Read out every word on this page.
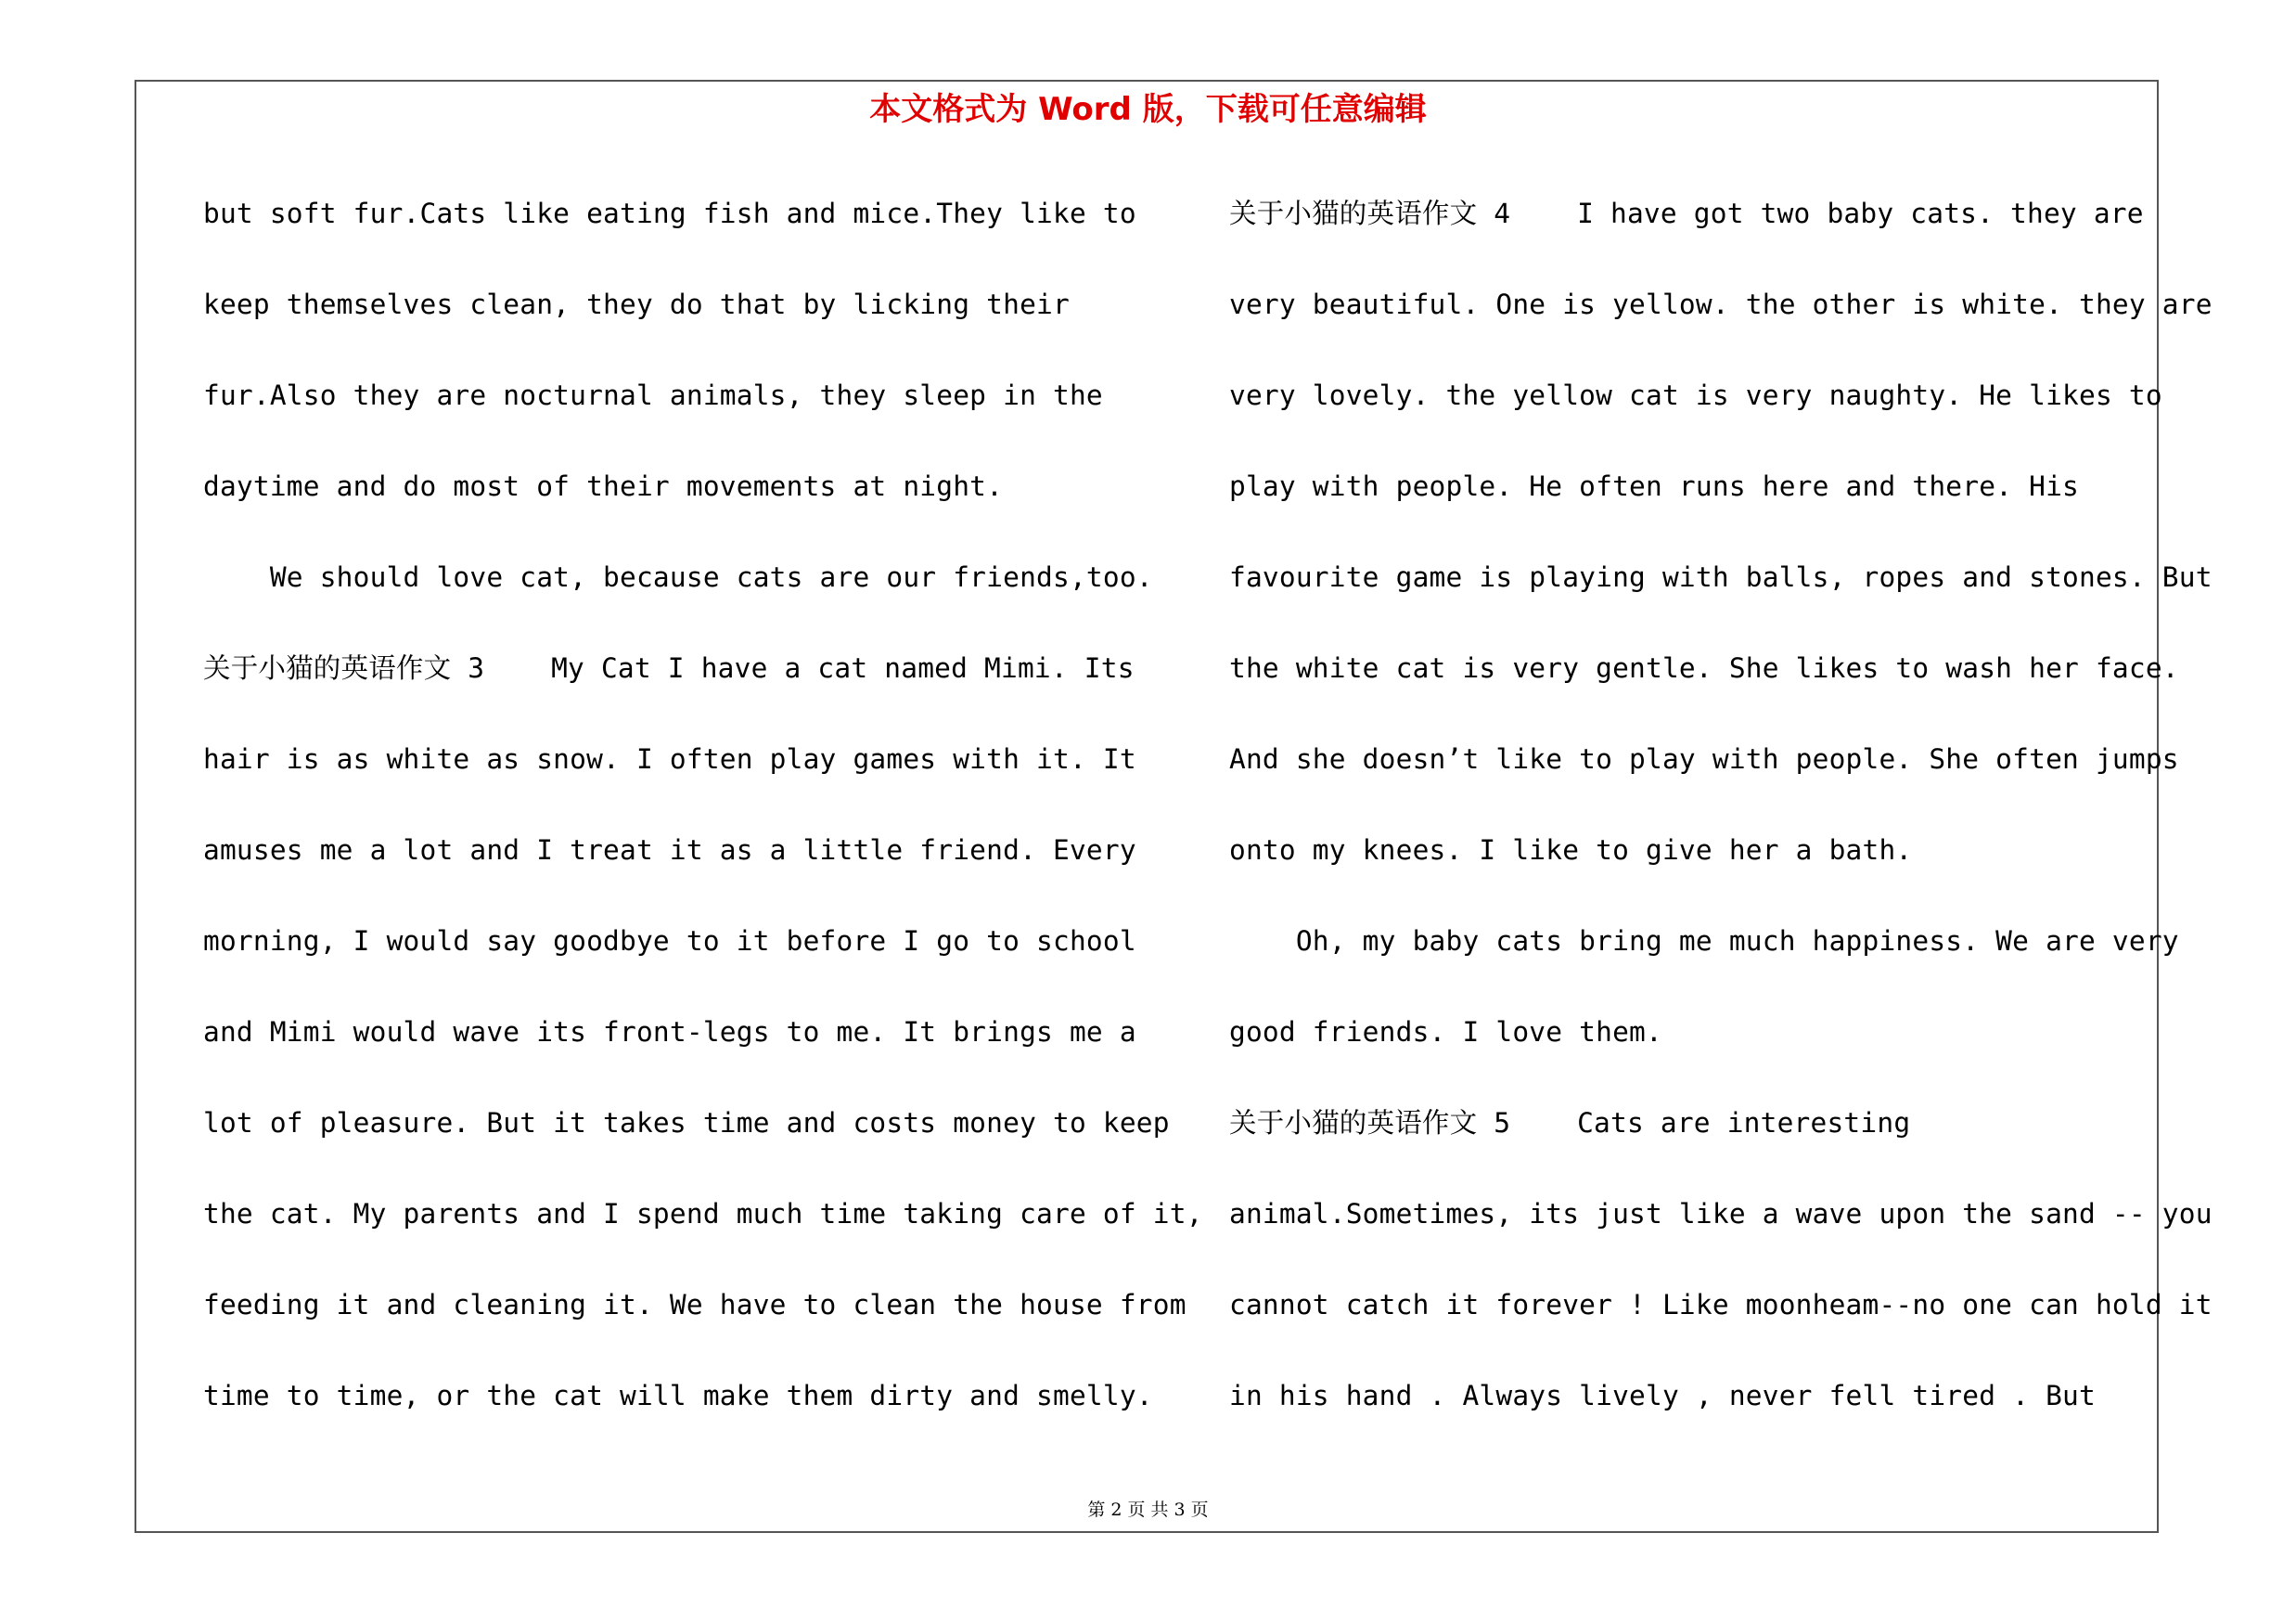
本文格式为 Word 版，下载可任意编辑
but soft fur.Cats like eating fish and mice.They like to
keep themselves clean, they do that by licking their
fur.Also they are nocturnal animals, they sleep in the
daytime and do most of their movements at night.
We should love cat, because cats are our friends,too.
关于小猫的英语作文 3    My Cat I have a cat named Mimi. Its
hair is as white as snow. I often play games with it. It
amuses me a lot and I treat it as a little friend. Every
morning, I would say goodbye to it before I go to school
and Mimi would wave its front-legs to me. It brings me a
lot of pleasure. But it takes time and costs money to keep
the cat. My parents and I spend much time taking care of it,
feeding it and cleaning it. We have to clean the house from
time to time, or the cat will make them dirty and smelly.
关于小猫的英语作文 4    I have got two baby cats. they are
very beautiful. One is yellow. the other is white. they are
very lovely. the yellow cat is very naughty. He likes to
play with people. He often runs here and there. His
favourite game is playing with balls, ropes and stones. But
the white cat is very gentle. She likes to wash her face.
And she doesn’t like to play with people. She often jumps
onto my knees. I like to give her a bath.
Oh, my baby cats bring me much happiness. We are very
good friends. I love them.
关于小猫的英语作文 5    Cats are interesting
animal.Sometimes, its just like a wave upon the sand -- you
cannot catch it forever ! Like moonheam--no one can hold it
in his hand . Always lively , never fell tired . But
第 2 页 共 3 页
